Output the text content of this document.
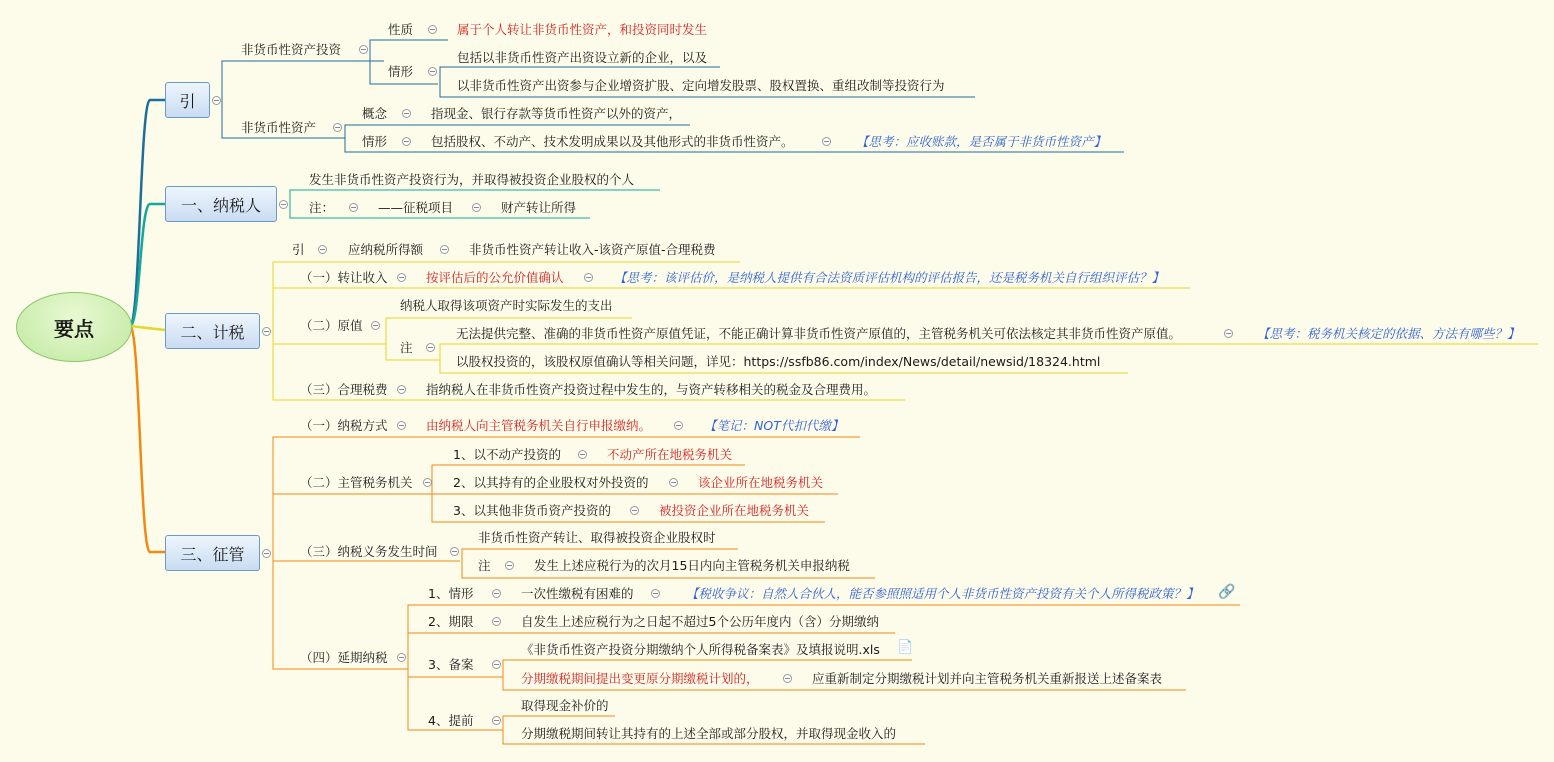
要点
引
非货币性资产投资
性质	属于个人转让非货币性资产，和投资同时发生
情形
包括以非货币性资产出资设立新的企业，以及
以非货币性资产出资参与企业增资扩股、定向增发股票、股权置换、重组改制等投资行为
非货币性资产
概念	指现金、银行存款等货币性资产以外的资产，
情形	包括股权、不动产、技术发明成果以及其他形式的非货币性资产。	【思考：应收账款，是否属于非货币性资产】
一、纳税人
发生非货币性资产投资行为，并取得被投资企业股权的个人
注：	——征税项目	财产转让所得
二、计税
引	应纳税所得额	非货币性资产转让收入-该资产原值-合理税费
（一）转让收入	按评估后的公允价值确认	【思考：该评估价，是纳税人提供有合法资质评估机构的评估报告，还是税务机关自行组织评估？】
（二）原值
纳税人取得该项资产时实际发生的支出
注
无法提供完整、准确的非货币性资产原值凭证，不能正确计算非货币性资产原值的，主管税务机关可依法核定其非货币性资产原值。	【思考：税务机关核定的依据、方法有哪些？】
以股权投资的，该股权原值确认等相关问题，详见：https://ssfb86.com/index/News/detail/newsid/18324.html
（三）合理税费	指纳税人在非货币性资产投资过程中发生的，与资产转移相关的税金及合理费用。
三、征管
（一）纳税方式	由纳税人向主管税务机关自行申报缴纳。	【笔记：NOT代扣代缴】
（二）主管税务机关
1、以不动产投资的	不动产所在地税务机关
2、以其持有的企业股权对外投资的	该企业所在地税务机关
3、以其他非货币资产投资的	被投资企业所在地税务机关
（三）纳税义务发生时间
非货币性资产转让、取得被投资企业股权时
注	发生上述应税行为的次月15日内向主管税务机关申报纳税
（四）延期纳税
1、情形	一次性缴税有困难的	【税收争议：自然人合伙人，能否参照照适用个人非货币性资产投资有关个人所得税政策？】 🔗
2、期限	自发生上述应税行为之日起不超过5个公历年度内（含）分期缴纳
3、备案
《非货币性资产投资分期缴纳个人所得税备案表》及填报说明.xls 📄
分期缴税期间提出变更原分期缴税计划的，	应重新制定分期缴税计划并向主管税务机关重新报送上述备案表
4、提前
取得现金补价的
分期缴税期间转让其持有的上述全部或部分股权，并取得现金收入的
